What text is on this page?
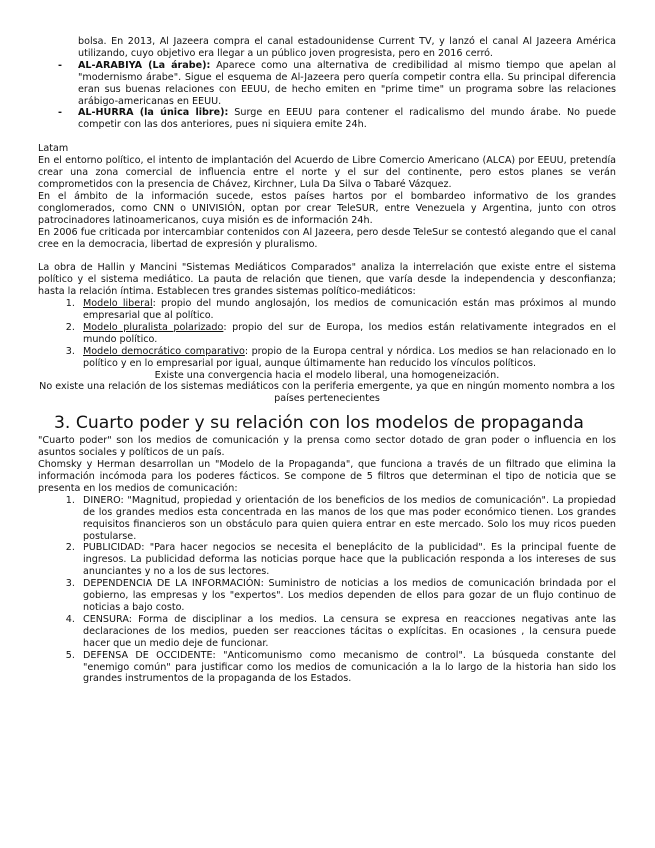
bolsa. En 2013, Al Jazeera compra el canal estadounidense Current TV, y lanzó el canal Al Jazeera América utilizando, cuyo objetivo era llegar a un público joven progresista, pero en 2016 cerró.

- AL-ARABIYA (La árabe): Aparece como una alternativa de credibilidad al mismo tiempo que apelan al "modernismo árabe". Sigue el esquema de Al-Jazeera pero quería competir contra ella. Su principal diferencia eran sus buenas relaciones con EEUU, de hecho emiten en "prime time" un programa sobre las relaciones arábigo-americanas en EEUU.
- AL-HURRA (la única libre): Surge en EEUU para contener el radicalismo del mundo árabe. No puede competir con las dos anteriores, pues ni siquiera emite 24h.

Latam

En el entorno político, el intento de implantación del Acuerdo de Libre Comercio Americano (ALCA) por EEUU, pretendía crear una zona comercial de influencia entre el norte y el sur del continente, pero estos planes se verán comprometidos con la presencia de Chávez, Kirchner, Lula Da Silva o Tabaré Vázquez.

En el ámbito de la información sucede, estos países hartos por el bombardeo informativo de los grandes conglomerados, como CNN o UNIVISIÓN, optan por crear TeleSUR, entre Venezuela y Argentina, junto con otros patrocinadores latinoamericanos, cuya misión es de información 24h.

En 2006 fue criticada por intercambiar contenidos con Al Jazeera, pero desde TeleSur se contestó alegando que el canal cree en la democracia, libertad de expresión y pluralismo.

La obra de Hallin y Mancini "Sistemas Mediáticos Comparados" analiza la interrelación que existe entre el sistema político y el sistema mediático. La pauta de relación que tienen, que varía desde la independencia y desconfianza; hasta la relación íntima. Establecen tres grandes sistemas político-mediáticos:

1. Modelo liberal: propio del mundo anglosajón, los medios de comunicación están mas próximos al mundo empresarial que al político.
2. Modelo pluralista polarizado: propio del sur de Europa, los medios están relativamente integrados en el mundo político.
3. Modelo democrático comparativo: propio de la Europa central y nórdica. Los medios se han relacionado en lo político y en lo empresarial por igual, aunque últimamente han reducido los vínculos políticos.

Existe una convergencia hacia el modelo liberal, una homogeneización.

No existe una relación de los sistemas mediáticos con la periferia emergente, ya que en ningún momento nombra a los países pertenecientes

3. Cuarto poder y su relación con los modelos de propaganda

"Cuarto poder" son los medios de comunicación y la prensa como sector dotado de gran poder o influencia en los asuntos sociales y políticos de un país.

Chomsky y Herman desarrollan un "Modelo de la Propaganda", que funciona a través de un filtrado que elimina la información incómoda para los poderes fácticos. Se compone de 5 filtros que determinan el tipo de noticia que se presenta en los medios de comunicación:

1. DINERO: "Magnitud, propiedad y orientación de los beneficios de los medios de comunicación". La propiedad de los grandes medios esta concentrada en las manos de los que mas poder económico tienen. Los grandes requisitos financieros son un obstáculo para quien quiera entrar en este mercado. Solo los muy ricos pueden postularse.
2. PUBLICIDAD: "Para hacer negocios se necesita el beneplácito de la publicidad". Es la principal fuente de ingresos. La publicidad deforma las noticias porque hace que la publicación responda a los intereses de sus anunciantes y no a los de sus lectores.
3. DEPENDENCIA DE LA INFORMACIÓN: Suministro de noticias a los medios de comunicación brindada por el gobierno, las empresas y los "expertos". Los medios dependen de ellos para gozar de un flujo continuo de noticias a bajo costo.
4. CENSURA: Forma de disciplinar a los medios. La censura se expresa en reacciones negativas ante las declaraciones de los medios, pueden ser reacciones tácitas o explícitas. En ocasiones , la censura puede hacer que un medio deje de funcionar.
5. DEFENSA DE OCCIDENTE: "Anticomunismo como mecanismo de control". La búsqueda constante del "enemigo común" para justificar como los medios de comunicación a la lo largo de la historia han sido los grandes instrumentos de la propaganda de los Estados.
